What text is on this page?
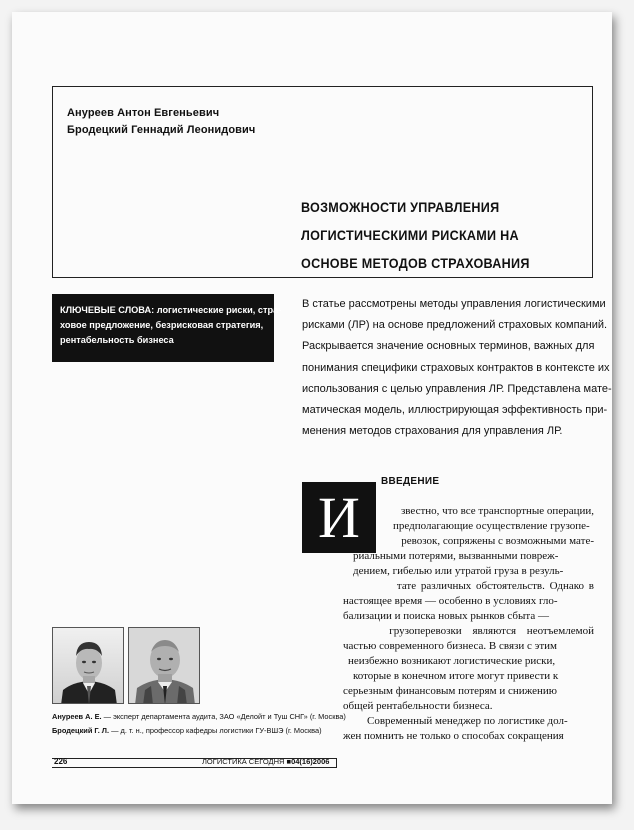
Ануреев Антон Евгеньевич
Бродецкий Геннадий Леонидович
ВОЗМОЖНОСТИ УПРАВЛЕНИЯ
ЛОГИСТИЧЕСКИМИ РИСКАМИ НА
ОСНОВЕ МЕТОДОВ СТРАХОВАНИЯ
КЛЮЧЕВЫЕ СЛОВА: логистические риски, стра-
ховое предложение, безрисковая стратегия,
рентабельность бизнеса
В статье рассмотрены методы управления логистическими
рисками (ЛР) на основе предложений страховых компаний.
Раскрывается значение основных терминов, важных для
понимания специфики страховых контрактов в контексте их
использования с целью управления ЛР. Представлена мате-
матическая модель, иллюстрирующая эффективность при-
менения методов страхования для управления ЛР.
ВВЕДЕНИЕ
И	звестно, что все транспортные операции,
предполагающие осуществление грузопе-
ревозок, сопряжены с возможными мате-
риальными потерями, вызванными повреж-
дением, гибелью или утратой груза в резуль-
тате различных обстоятельств. Однако в
настоящее время — особенно в условиях гло-
бализации и поиска новых рынков сбыта —
грузоперевозки являются неотъемлемой
частью современного бизнеса. В связи с этим
неизбежно возникают логистические риски,
которые в конечном итоге могут привести к
серьезным финансовым потерям и снижению
общей рентабельности бизнеса.
Современный менеджер по логистике дол-
жен помнить не только о способах сокращения
Ануреев А. Е. — эксперт департамента аудита, ЗАО «Делойт и Туш СНГ» (г. Москва)
Бродецкий Г. Л. — д. т. н., профессор кафедры логистики ГУ-ВШЭ (г. Москва)
226	ЛОГИСТИКА СЕГОДНЯ ■04(16)2006
